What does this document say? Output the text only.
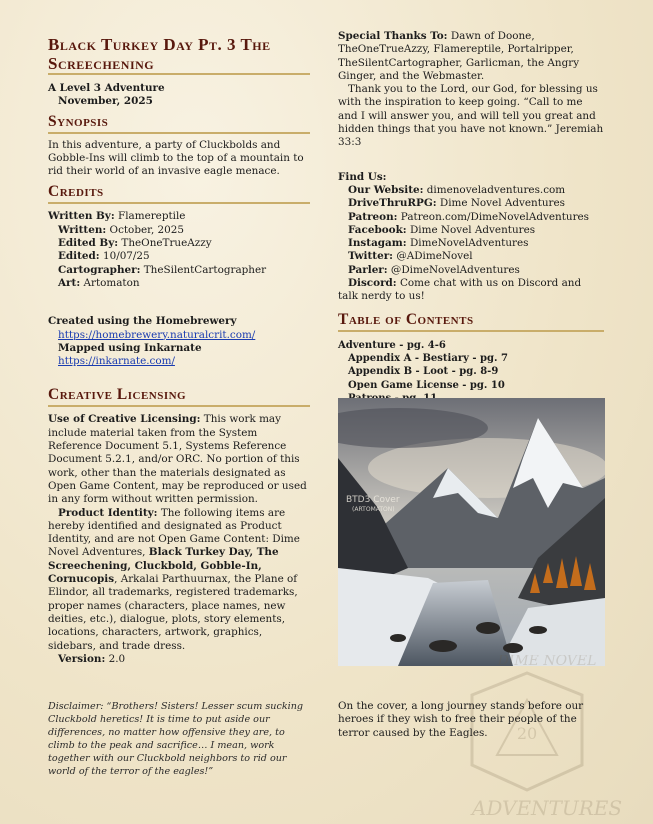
Black Turkey Day Pt. 3 The
Screechening

A Level 3 Adventure

November, 2025

Synopsis

In this adventure, a party of Cluckbolds and Gobble-Ins will climb to the top of a mountain to rid their world of an invasive eagle menace.

Credits

Written By: Flamereptile

Written: October, 2025

Edited By: TheOneTrueAzzy

Edited: 10/07/25

Cartographer: TheSilentCartographer

Art: Artomaton

Created using the Homebrewery

https://homebrewery.naturalcrit.com/

Mapped using Inkarnate

https://inkarnate.com/
Creative Licensing

Use of Creative Licensing: This work may include material taken from the System Reference Document 5.1, Systems Reference Document 5.2.1, and/or ORC. No portion of this work, other than the materials designated as Open Game Content, may be reproduced or used in any form without written permission.

Product Identity: The following items are hereby identified and designated as Product Identity, and are not Open Game Content: Dime Novel Adventures, Black Turkey Day, The Screechening, Cluckbold, Gobble-In, Cornucopis, Arkalai Parthuurnax, the Plane of Elindor, all trademarks, registered trademarks, proper names (characters, place names, new deities, etc.), dialogue, plots, story elements, locations, characters, artwork, graphics, sidebars, and trade dress.

Version: 2.0

Disclaimer: “Brothers! Sisters! Lesser scum sucking Cluckbold heretics! It is time to put aside our differences, no matter how offensive they are, to climb to the peak and sacrifice… I mean, work together with our Cluckbold neighbors to rid our world of the terror of the eagles!”

Special Thanks To: Dawn of Doone, TheOneTrueAzzy, Flamereptile, Portalripper, TheSilentCartographer, Garlicman, the Angry Ginger, and the Webmaster.

Thank you to the Lord, our God, for blessing us with the inspiration to keep going. “Call to me and I will answer you, and will tell you great and hidden things that you have not known.” Jeremiah 33:3

Find Us:

Our Website: dimenoveladventures.com

DriveThruRPG: Dime Novel Adventures

Patreon: Patreon.com/DimeNovelAdventures

Facebook: Dime Novel Adventures

Instagam: DimeNovelAdventures

Twitter: @ADimeNovel

Parler: @DimeNovelAdventures

Discord: Come chat with us on Discord and talk nerdy to us!

Table of Contents
Adventure - pg. 4-6
Appendix A - Bestiary - pg. 7
Appendix B - Loot - pg. 8-9
Open Game License - pg. 10
BTD3 Cover
(ARTOMATON)
DIME NOVEL
20
ADVENTURES

On the cover, a long journey stands before our heroes if they wish to free their people of the terror caused by the Eagles.
